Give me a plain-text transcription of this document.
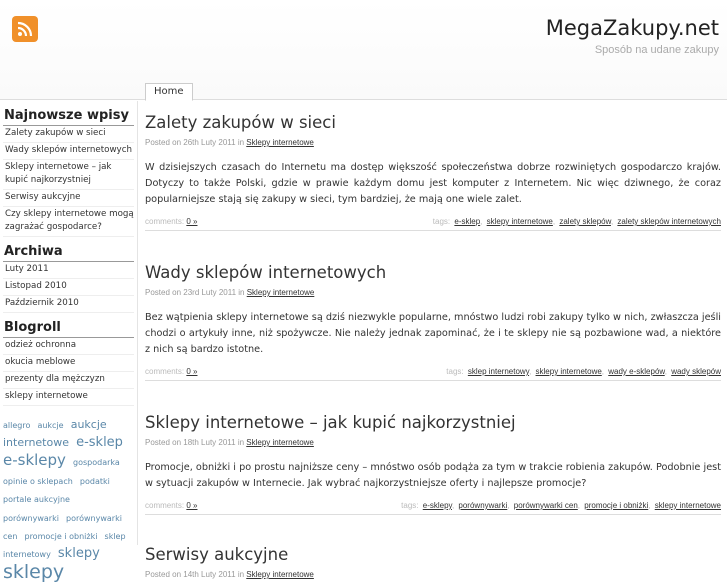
MegaZakupy.net
Sposób na udane zakupy
Home
Najnowsze wpisy
Zalety zakupów w sieci
Wady sklepów internetowych
Sklepy internetowe – jak kupić najkorzystniej
Serwisy aukcyjne
Czy sklepy internetowe mogą zagrażać gospodarce?
Archiwa
Luty 2011
Listopad 2010
Październik 2010
Blogroll
odzież ochronna
okucia meblowe
prezenty dla mężczyzn
sklepy internetowe
allegro aukcje aukcje internetowe e-sklep e-sklepy gospodarka opinie o sklepach podatki portale aukcyjne porównywarki porównywarki cen promocje i obniżki sklep internetowy sklepy sklepy
Zalety zakupów w sieci
Posted on 26th Luty 2011 in Sklepy internetowe

W dzisiejszych czasach do Internetu ma dostęp większość społeczeństwa dobrze rozwiniętych gospodarczo krajów. Dotyczy to także Polski, gdzie w prawie każdym domu jest komputer z Internetem. Nic więc dziwnego, że coraz popularniejsze stają się zakupy w sieci, tym bardziej, że mają one wiele zalet.

comments: 0 »	tags: e-sklep, sklepy internetowe, zalety sklepów, zalety sklepów internetowych
Wady sklepów internetowych
Posted on 23rd Luty 2011 in Sklepy internetowe

Bez wątpienia sklepy internetowe są dziś niezwykle popularne, mnóstwo ludzi robi zakupy tylko w nich, zwłaszcza jeśli chodzi o artykuły inne, niż spożywcze. Nie należy jednak zapominać, że i te sklepy nie są pozbawione wad, a niektóre z nich są bardzo istotne.

comments: 0 »	tags: sklep internetowy, sklepy internetowe, wady e-sklepów, wady sklepów
Sklepy internetowe – jak kupić najkorzystniej
Posted on 18th Luty 2011 in Sklepy internetowe

Promocje, obniżki i po prostu najniższe ceny – mnóstwo osób podąża za tym w trakcie robienia zakupów. Podobnie jest w sytuacji zakupów w Internecie. Jak wybrać najkorzystniejsze oferty i najlepsze promocje?

comments: 0 »	tags: e-sklepy, porównywarki, porównywarki cen, promocje i obniżki, sklepy internetowe
Serwisy aukcyjne
Posted on 14th Luty 2011 in Sklepy internetowe
